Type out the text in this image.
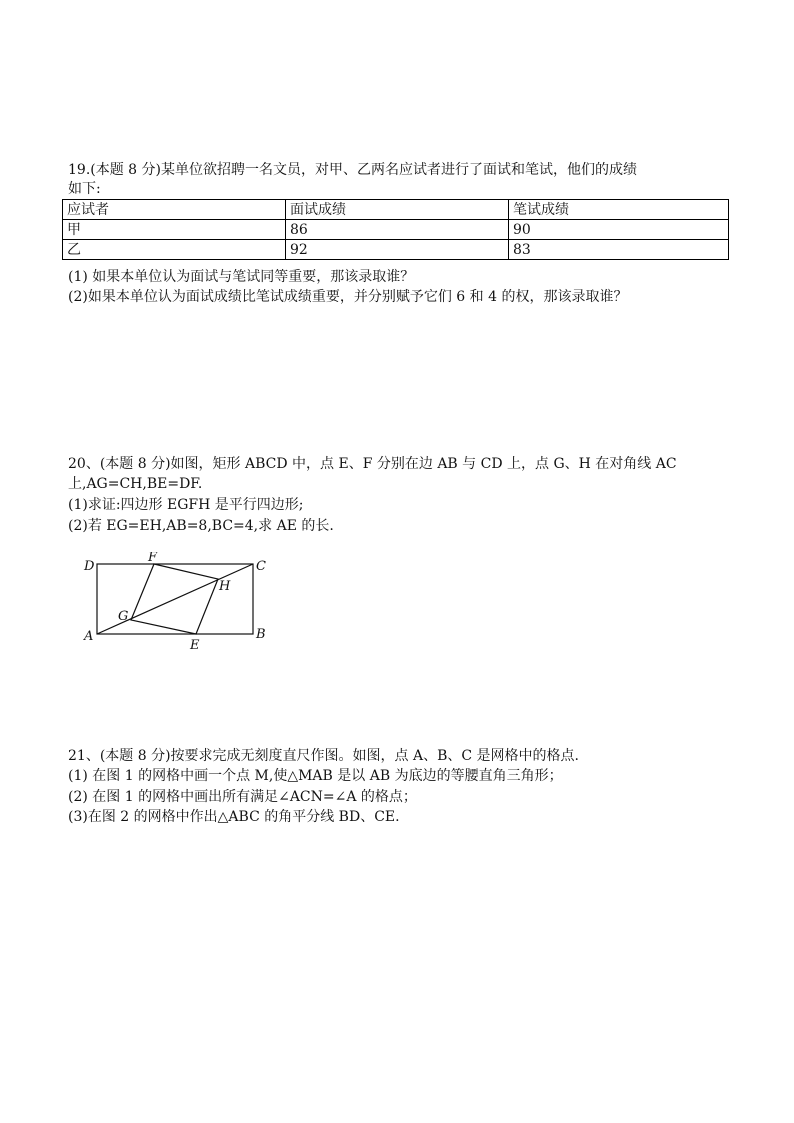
19.(本题 8 分)某单位欲招聘一名文员，对甲、乙两名应试者进行了面试和笔试，他们的成绩
如下:
应试者	面试成绩	笔试成绩
甲	86	90
乙	92	83
(1) 如果本单位认为面试与笔试同等重要，那该录取谁？
(2)如果本单位认为面试成绩比笔试成绩重要，并分别赋予它们 6 和 4 的权，那该录取谁？
20、(本题 8 分)如图，矩形 ABCD 中，点 E、F 分别在边 AB 与 CD 上，点 G、H 在对角线 AC
上,AG=CH,BE=DF.
(1)求证:四边形 EGFH 是平行四边形;
(2)若 EG=EH,AB=8,BC=4,求 AE 的长.
D	C
A	B
F
E
G
H
21、(本题 8 分)按要求完成无刻度直尺作图。如图，点 A、B、C 是网格中的格点.
(1) 在图 1 的网格中画一个点 M,使△MAB 是以 AB 为底边的等腰直角三角形；
(2) 在图 1 的网格中画出所有满足∠ACN=∠A 的格点；
(3)在图 2 的网格中作出△ABC 的角平分线 BD、CE.
